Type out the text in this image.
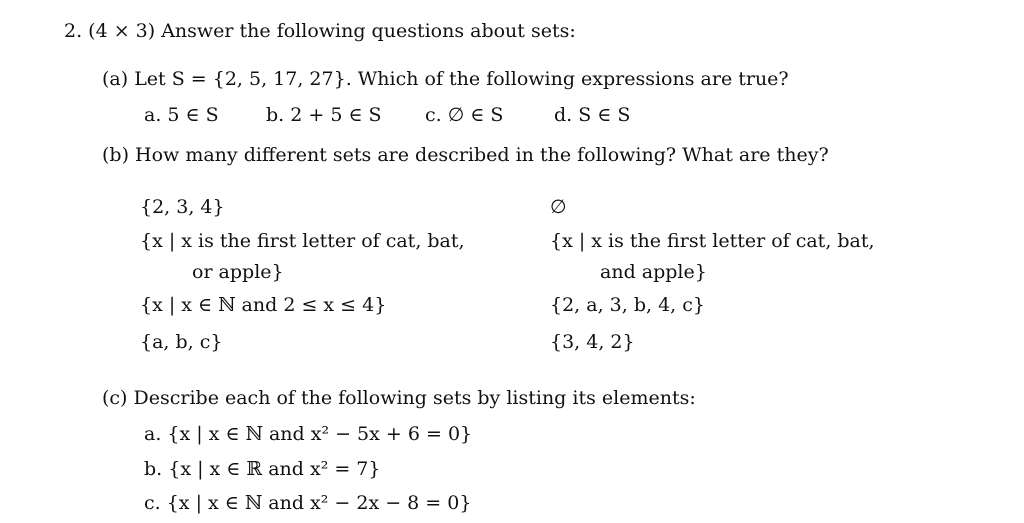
2. (4 × 3) Answer the following questions about sets:
(a) Let S = {2, 5, 17, 27}. Which of the following expressions are true?
a. 5 ∈ S b. 2 + 5 ∈ S c. ∅ ∈ S	d. S ∈ S
(b) How many different sets are described in the following? What are they?
{2, 3, 4}
{x | x is the first letter of cat, bat,
or apple}
{x | x ∈ ℕ and 2 ≤ x ≤ 4}
{a, b, c}
∅
{x | x is the first letter of cat, bat,
and apple}
{2, a, 3, b, 4, c}
{3, 4, 2}
(c) Describe each of the following sets by listing its elements:
a. {x | x ∈ ℕ and x² − 5x + 6 = 0}
b. {x | x ∈ ℝ and x² = 7}
c. {x | x ∈ ℕ and x² − 2x − 8 = 0}
